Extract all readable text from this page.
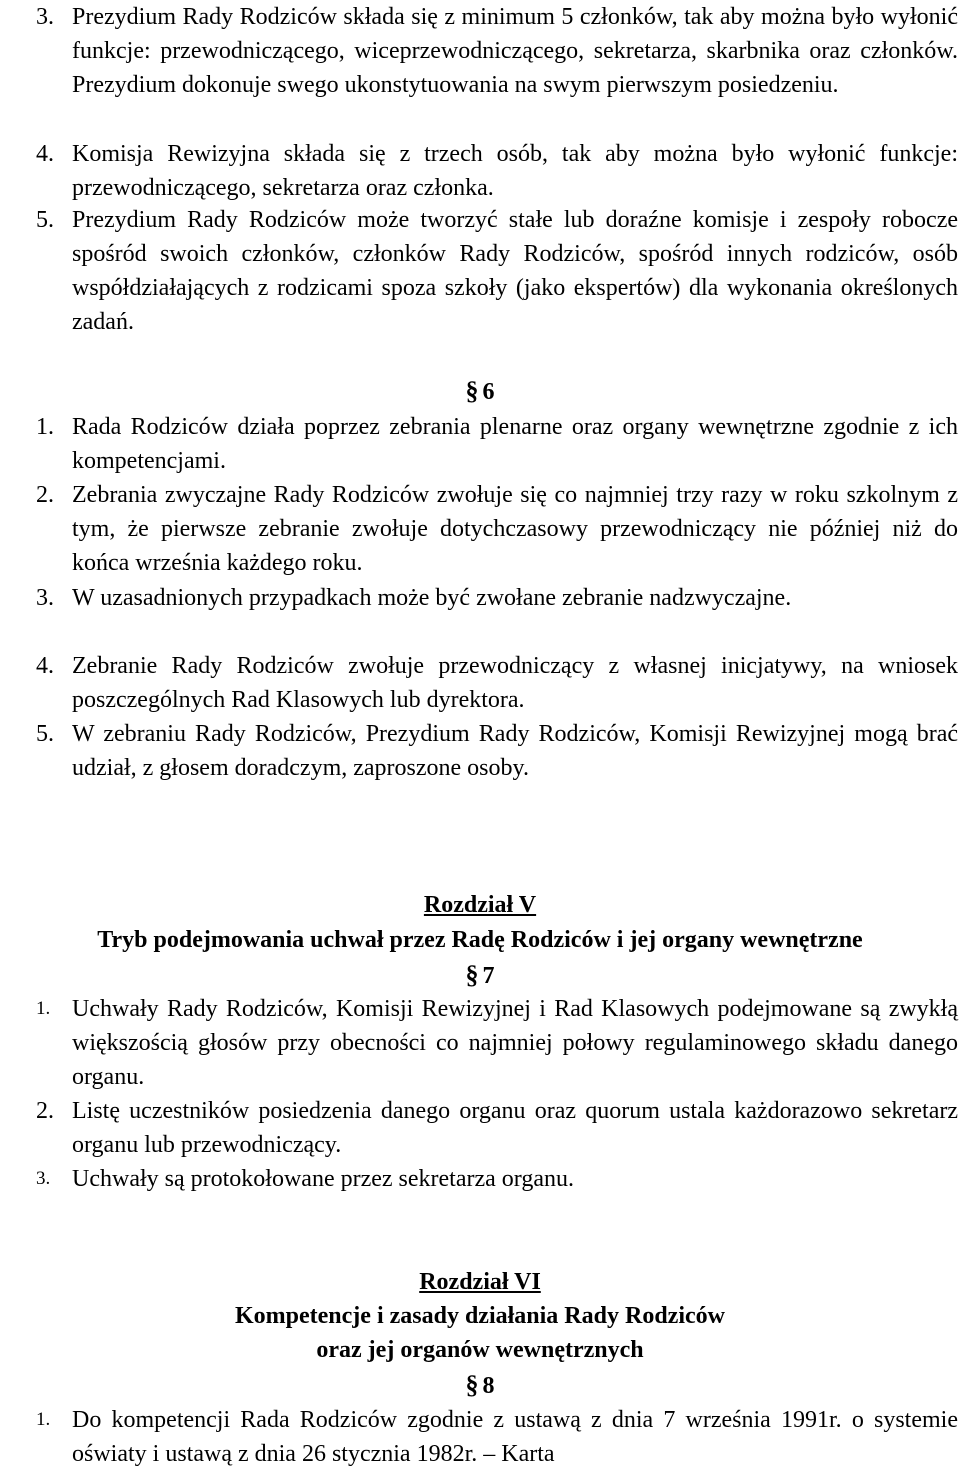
3. Prezydium Rady Rodziców składa się z minimum 5 członków, tak aby można było wyłonić funkcje: przewodniczącego, wiceprzewodniczącego, sekretarza, skarbnika oraz członków. Prezydium dokonuje swego ukonstytuowania na swym pierwszym posiedzeniu.
4. Komisja Rewizyjna składa się z trzech osób, tak aby można było wyłonić funkcje: przewodniczącego, sekretarza oraz członka.
5. Prezydium Rady Rodziców może tworzyć stałe lub doraźne komisje i zespoły robocze spośród swoich członków, członków Rady Rodziców, spośród innych rodziców, osób współdziałających z rodzicami spoza szkoły (jako ekspertów) dla wykonania określonych zadań.
§ 6
1. Rada Rodziców działa poprzez zebrania plenarne oraz organy wewnętrzne zgodnie z ich kompetencjami.
2. Zebrania zwyczajne Rady Rodziców zwołuje się co najmniej trzy razy w roku szkolnym z tym, że pierwsze zebranie zwołuje dotychczasowy przewodniczący nie później niż do końca września każdego roku.
3. W uzasadnionych przypadkach może być zwołane zebranie nadzwyczajne.
4. Zebranie Rady Rodziców zwołuje przewodniczący z własnej inicjatywy, na wniosek poszczególnych Rad Klasowych lub dyrektora.
5. W zebraniu Rady Rodziców, Prezydium Rady Rodziców, Komisji Rewizyjnej mogą brać udział, z głosem doradczym, zaproszone osoby.
Rozdział V
Tryb podejmowania uchwał przez Radę Rodziców i jej organy wewnętrzne
§ 7
1. Uchwały Rady Rodziców, Komisji Rewizyjnej i Rad Klasowych podejmowane są zwykłą większością głosów przy obecności co najmniej połowy regulaminowego składu danego organu.
2. Listę uczestników posiedzenia danego organu oraz quorum ustala każdorazowo sekretarz organu lub przewodniczący.
3. Uchwały są protokołowane przez sekretarza organu.
Rozdział VI
Kompetencje i zasady działania Rady Rodziców
oraz jej organów wewnętrznych
§ 8
1. Do kompetencji Rada Rodziców zgodnie z ustawą z dnia 7 września 1991r. o systemie oświaty i ustawą z dnia 26 stycznia 1982r. – Karta
